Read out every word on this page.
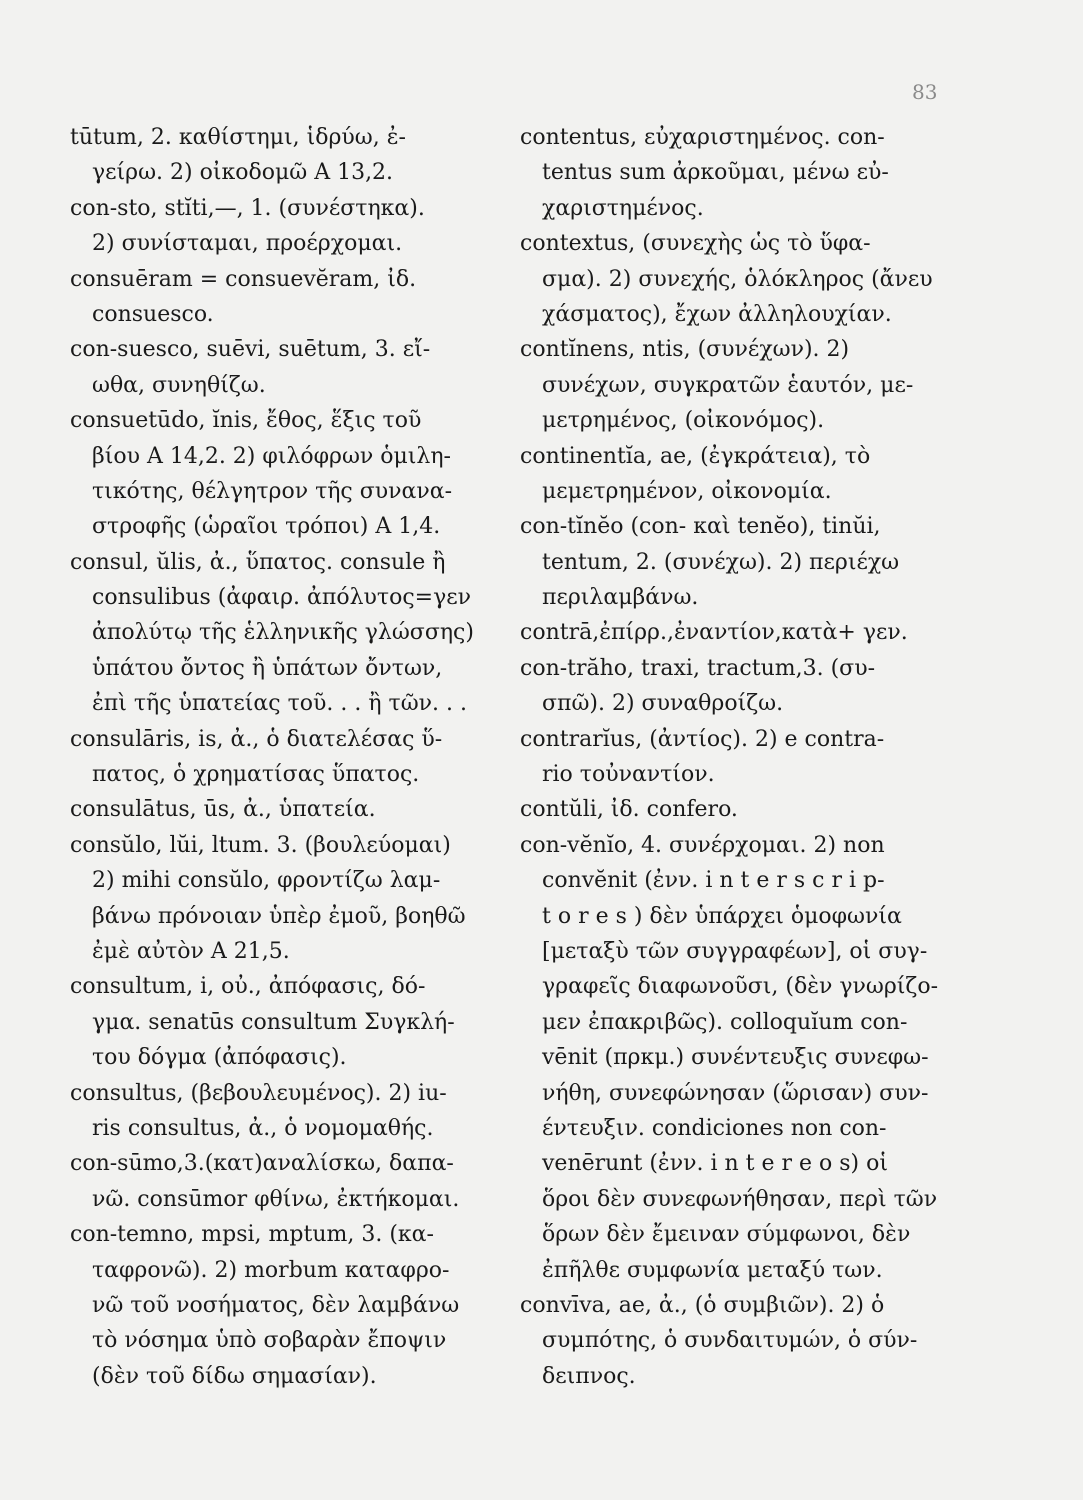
83
tūtum, 2. καθίστημι, ἱδρύω, ἐ-
γείρω. 2) οἰκοδομῶ A 13,2.
con-sto, stĭti,—, 1. (συνέστηκα).
2) συνίσταμαι, προέρχομαι.
consuēram = consuevĕram, ἰδ.
consuesco.
con-suesco, suēvi, suētum, 3. εἴ-
ωθα, συνηθίζω.
consuetūdo, ĭnis, ἔθος, ἕξις τοῦ
βίου A 14,2. 2) φιλόφρων ὁμιλη-
τικότης, θέλγητρον τῆς συνανα-
στροφῆς (ὡραῖοι τρόποι) A 1,4.
consul, ŭlis, ἀ., ὕπατος. consule ἢ
consulibus (ἀφαιρ. ἀπόλυτος=γεν
ἀπολύτῳ τῆς ἑλληνικῆς γλώσσης)
ὑπάτου ὄντος ἢ ὑπάτων ὄντων,
ἐπὶ τῆς ὑπατείας τοῦ. . . ἢ τῶν. . .
consulāris, is, ἀ., ὁ διατελέσας ὕ-
πατος, ὁ χρηματίσας ὕπατος.
consulātus, ūs, ἀ., ὑπατεία.
consŭlo, lŭi, ltum. 3. (βουλεύομαι)
2) mihi consŭlo, φροντίζω λαμ-
βάνω πρόνοιαν ὑπὲρ ἐμοῦ, βοηθῶ
ἐμὲ αὐτὸν A 21,5.
consultum, i, οὐ., ἀπόφασις, δό-
γμα. senatūs consultum Συγκλή-
του δόγμα (ἀπόφασις).
consultus, (βεβουλευμένος). 2) iu-
ris consultus, ἀ., ὁ νομομαθής.
con-sūmo,3.(κατ)αναλίσκω, δαπα-
νῶ. consūmor φθίνω, ἐκτήκομαι.
con-temno, mpsi, mptum, 3. (κα-
ταφρονῶ). 2) morbum καταφρο-
νῶ τοῦ νοσήματος, δὲν λαμβάνω
τὸ νόσημα ὑπὸ σοβαρὰν ἔποψιν
(δὲν τοῦ δίδω σημασίαν).
contentus, εὐχαριστημένος. con-
tentus sum ἀρκοῦμαι, μένω εὐ-
χαριστημένος.
contextus, (συνεχὴς ὡς τὸ ὕφα-
σμα). 2) συνεχής, ὁλόκληρος (ἄνευ
χάσματος), ἔχων ἀλληλουχίαν.
contĭnens, ntis, (συνέχων). 2)
συνέχων, συγκρατῶν ἑαυτόν, με-
μετρημένος, (οἰκονόμος).
continentĭa, ae, (ἐγκράτεια), τὸ
μεμετρημένον, οἰκονομία.
con-tĭnĕo (con- καὶ tenĕo), tinŭi,
tentum, 2. (συνέχω). 2) περιέχω
περιλαμβάνω.
contrā,ἐπίρρ.,ἐναντίον,κατὰ+ γεν.
con-trăho, traxi, tractum,3. (συ-
σπῶ). 2) συναθροίζω.
contrarĭus, (ἀντίος). 2) e contra-
rio τοὐναντίον.
contŭli, ἰδ. confero.
con-vĕnĭo, 4. συνέρχομαι. 2) non
convĕnit (ἐνν. i n t e r s c r i p-
t o r e s ) δὲν ὑπάρχει ὁμοφωνία
[μεταξὺ τῶν συγγραφέων], οἱ συγ-
γραφεῖς διαφωνοῦσι, (δὲν γνωρίζο-
μεν ἐπακριβῶς). colloquĭum con-
vēnit (πρκμ.) συνέντευξις συνεφω-
νήθη, συνεφώνησαν (ὥρισαν) συν-
έντευξιν. condiciones non con-
venērunt (ἐνν. i n t e r e o s) οἱ
ὅροι δὲν συνεφωνήθησαν, περὶ τῶν
ὅρων δὲν ἔμειναν σύμφωνοι, δὲν
ἐπῆλθε συμφωνία μεταξύ των.
convīva, ae, ἀ., (ὁ συμβιῶν). 2) ὁ
συμπότης, ὁ συνδαιτυμών, ὁ σύν-
δειπνος.
